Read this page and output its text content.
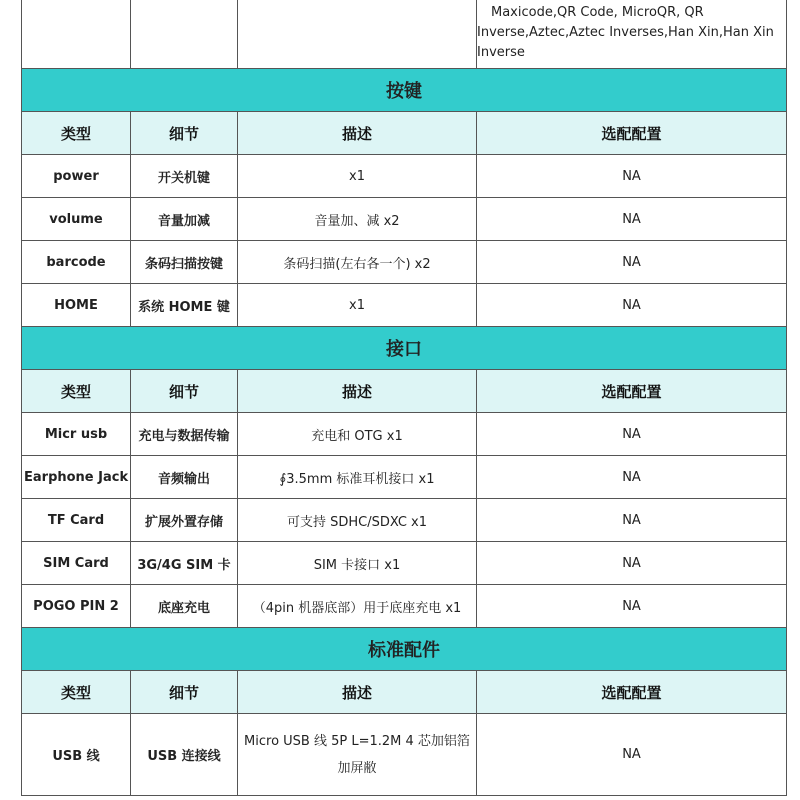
			Maxicode,QR Code, MicroQR, QR
Inverse,Aztec,Aztec Inverses,Han Xin,Han Xin
Inverse

按键			
类型	细节	描述	选配配置
power	开关机键	x1	NA
volume	音量加减	音量加、减 x2	NA
barcode	条码扫描按键	条码扫描(左右各一个) x2	NA
HOME	系统 HOME 键	x1	NA
接口			
类型	细节	描述	选配配置
Micr usb	充电与数据传输	充电和 OTG x1	NA
Earphone Jack	音频输出	∮3.5mm 标准耳机接口 x1	NA
TF Card	扩展外置存储	可支持 SDHC/SDXC x1	NA
SIM Card	3G/4G SIM 卡	SIM 卡接口 x1	NA
POGO PIN 2	底座充电	（4pin 机器底部）用于底座充电 x1	NA
标准配件			
类型	细节	描述	选配配置
USB 线	USB 连接线	Micro USB 线 5P L=1.2M 4 芯加铝箔加屏敝	NA
